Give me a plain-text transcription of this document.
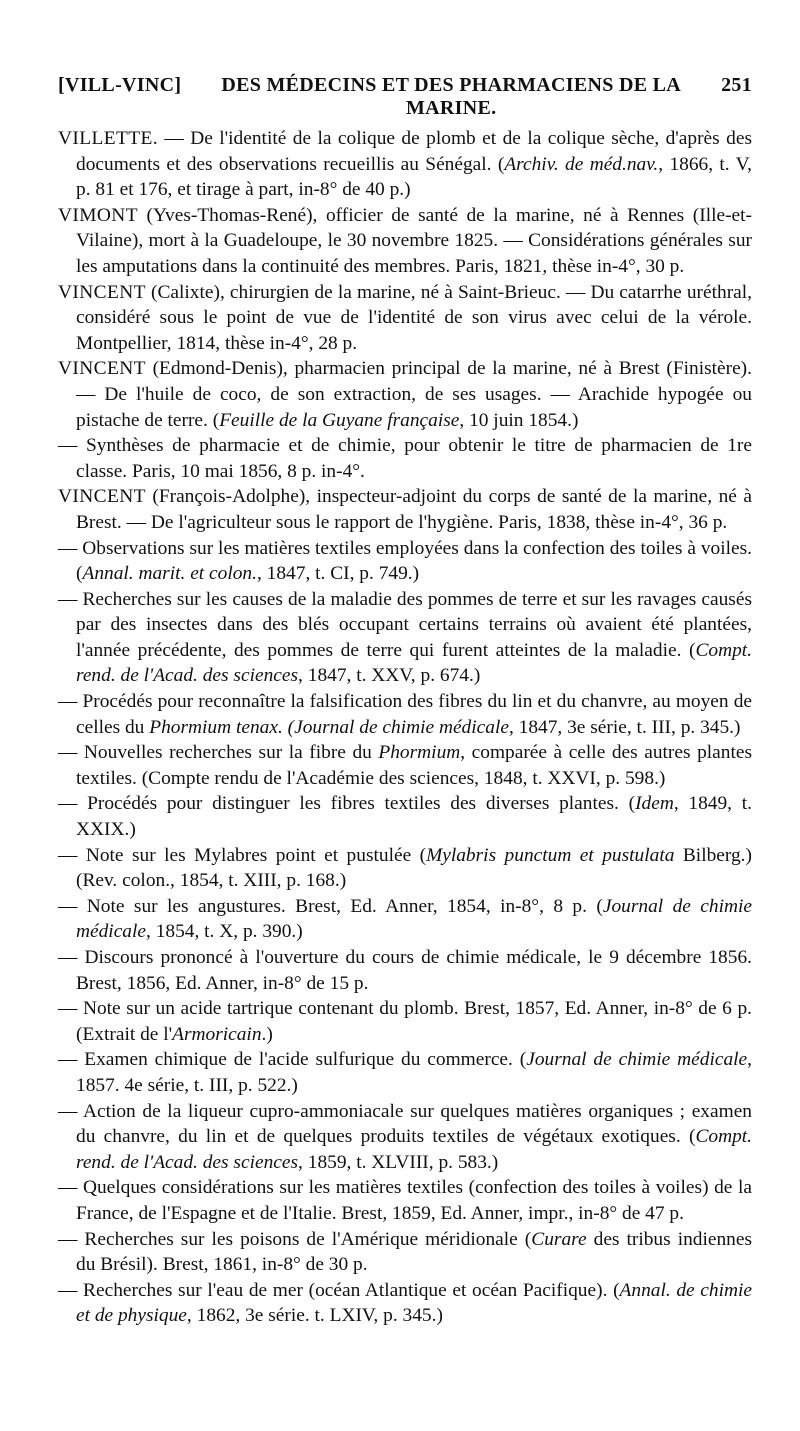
[VILL-VINC]	DES MÉDECINS ET DES PHARMACIENS DE LA MARINE.
251

VILLETTE. — De l'identité de la colique de plomb et de la colique sèche, d'après des documents et des observations recueillis au Sénégal. (Archiv. de méd.nav., 1866, t. V, p. 81 et 176, et tirage à part, in-8° de 40 p.)

VIMONT (Yves-Thomas-René), officier de santé de la marine, né à Rennes (Ille-et-Vilaine), mort à la Guadeloupe, le 30 novembre 1825. — Considérations générales sur les amputations dans la continuité des membres. Paris, 1821, thèse in-4°, 30 p.

VINCENT (Calixte), chirurgien de la marine, né à Saint-Brieuc. — Du catarrhe uréthral, considéré sous le point de vue de l'identité de son virus avec celui de la vérole. Montpellier, 1814, thèse in-4°, 28 p.

VINCENT (Edmond-Denis), pharmacien principal de la marine, né à Brest (Finistère). — De l'huile de coco, de son extraction, de ses usages. — Arachide hypogée ou pistache de terre. (Feuille de la Guyane française, 10 juin 1854.)

— Synthèses de pharmacie et de chimie, pour obtenir le titre de pharmacien de 1re classe. Paris, 10 mai 1856, 8 p. in-4°.

VINCENT (François-Adolphe), inspecteur-adjoint du corps de santé de la marine, né à Brest. — De l'agriculteur sous le rapport de l'hygiène. Paris, 1838, thèse in-4°, 36 p.

— Observations sur les matières textiles employées dans la confection des toiles à voiles. (Annal. marit. et colon., 1847, t. CI, p. 749.)

— Recherches sur les causes de la maladie des pommes de terre et sur les ravages causés par des insectes dans des blés occupant certains terrains où avaient été plantées, l'année précédente, des pommes de terre qui furent atteintes de la maladie. (Compt. rend. de l'Acad. des sciences, 1847, t. XXV, p. 674.)

— Procédés pour reconnaître la falsification des fibres du lin et du chanvre, au moyen de celles du Phormium tenax. (Journal de chimie médicale, 1847, 3e série, t. III, p. 345.)

— Nouvelles recherches sur la fibre du Phormium, comparée à celle des autres plantes textiles. (Compte rendu de l'Académie des sciences, 1848, t. XXVI, p. 598.)

— Procédés pour distinguer les fibres textiles des diverses plantes. (Idem, 1849, t. XXIX.)

— Note sur les Mylabres point et pustulée (Mylabris punctum et pustulata Bilberg.) (Rev. colon., 1854, t. XIII, p. 168.)

— Note sur les angustures. Brest, Ed. Anner, 1854, in-8°, 8 p. (Journal de chimie médicale, 1854, t. X, p. 390.)

— Discours prononcé à l'ouverture du cours de chimie médicale, le 9 décembre 1856. Brest, 1856, Ed. Anner, in-8° de 15 p.

— Note sur un acide tartrique contenant du plomb. Brest, 1857, Ed. Anner, in-8° de 6 p. (Extrait de l'Armoricain.)

— Examen chimique de l'acide sulfurique du commerce. (Journal de chimie médicale, 1857. 4e série, t. III, p. 522.)

— Action de la liqueur cupro-ammoniacale sur quelques matières organiques ; examen du chanvre, du lin et de quelques produits textiles de végétaux exotiques. (Compt. rend. de l'Acad. des sciences, 1859, t. XLVIII, p. 583.)

— Quelques considérations sur les matières textiles (confection des toiles à voiles) de la France, de l'Espagne et de l'Italie. Brest, 1859, Ed. Anner, impr., in-8° de 47 p.

— Recherches sur les poisons de l'Amérique méridionale (Curare des tribus indiennes du Brésil). Brest, 1861, in-8° de 30 p.

— Recherches sur l'eau de mer (océan Atlantique et océan Pacifique). (Annal. de chimie et de physique, 1862, 3e série. t. LXIV, p. 345.)
